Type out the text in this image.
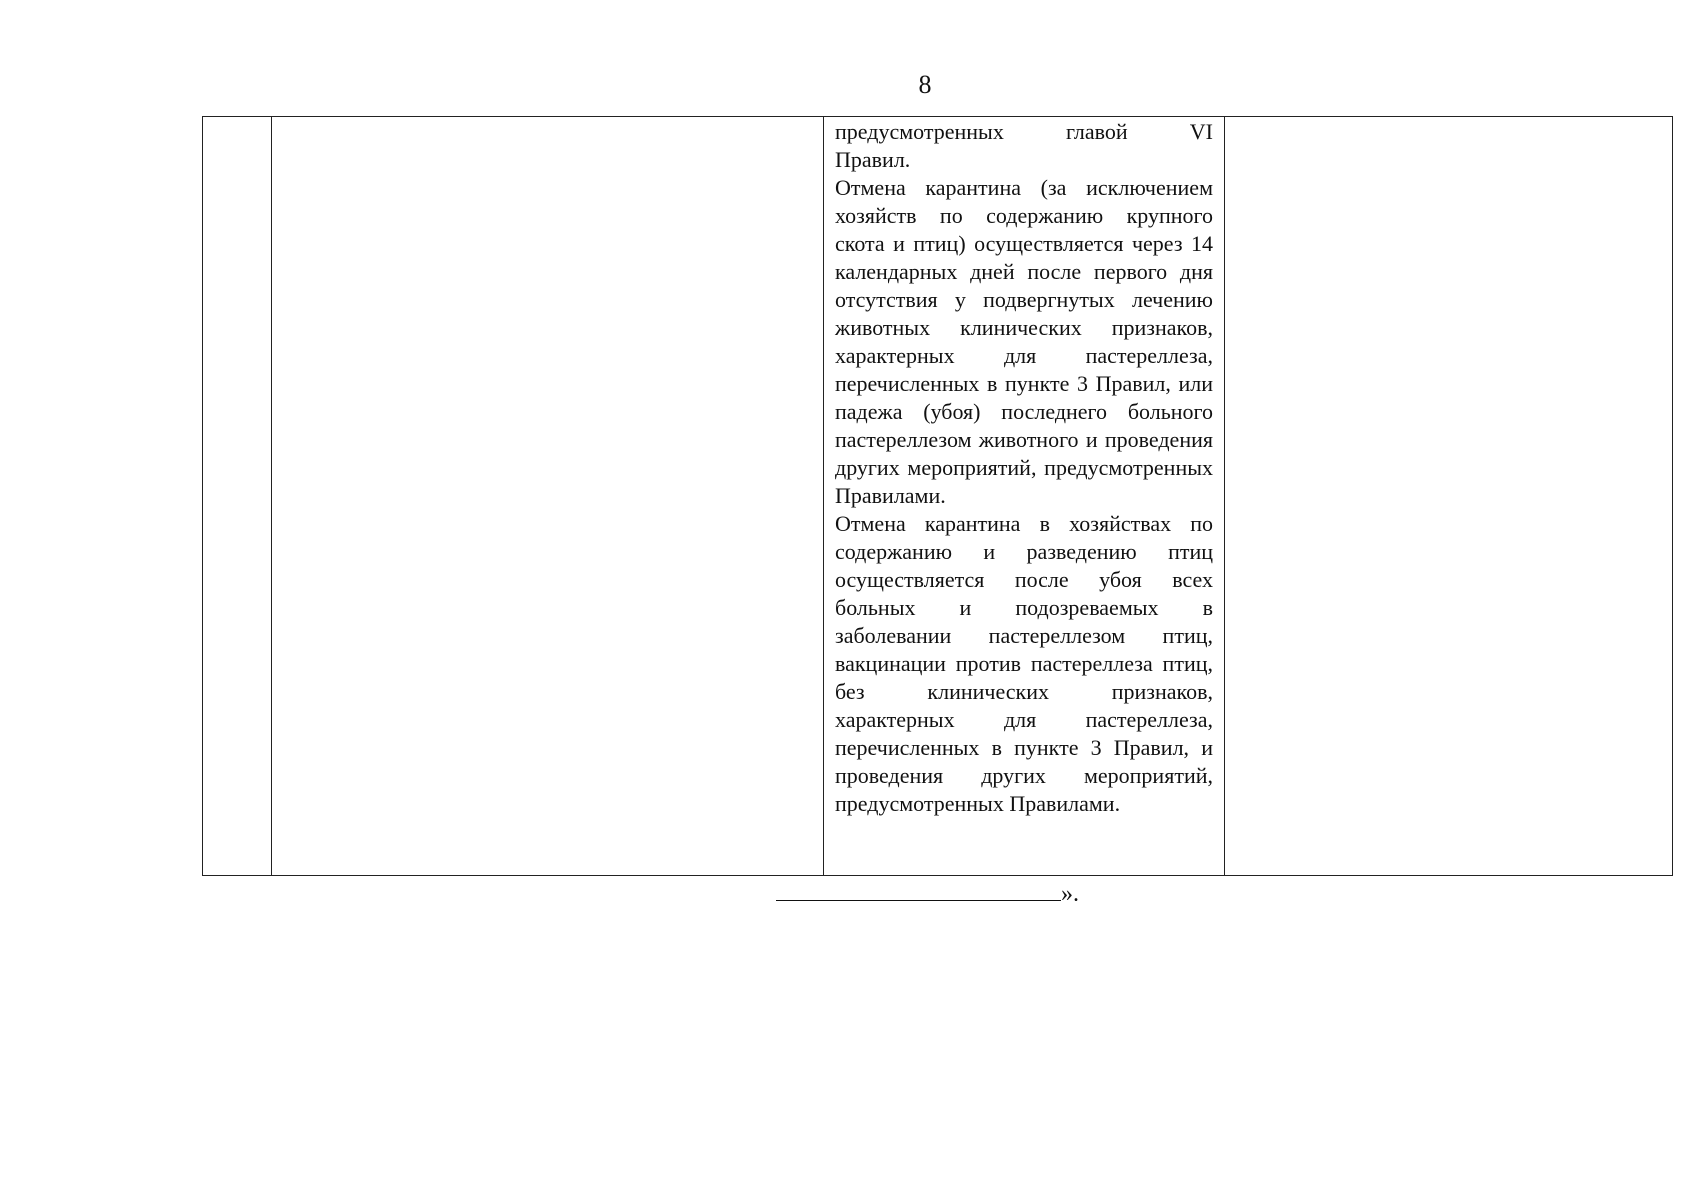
8

предусмотренных главой VI

Правил.

Отмена карантина (за исключением хозяйств по содержанию крупного скота и птиц) осуществляется через 14 календарных дней после первого дня отсутствия у подвергнутых лечению животных клинических признаков, характерных для пастереллеза, перечисленных в пункте 3 Правил, или падежа (убоя) последнего больного пастереллезом животного и проведения других мероприятий, предусмотренных Правилами.

Отмена карантина в хозяйствах по содержанию и разведению птиц осуществляется после убоя всех больных и подозреваемых в заболевании пастереллезом птиц, вакцинации против пастереллеза птиц, без клинических признаков, характерных для пастереллеза, перечисленных в пункте 3 Правил, и проведения других мероприятий, предусмотренных Правилами.

».
